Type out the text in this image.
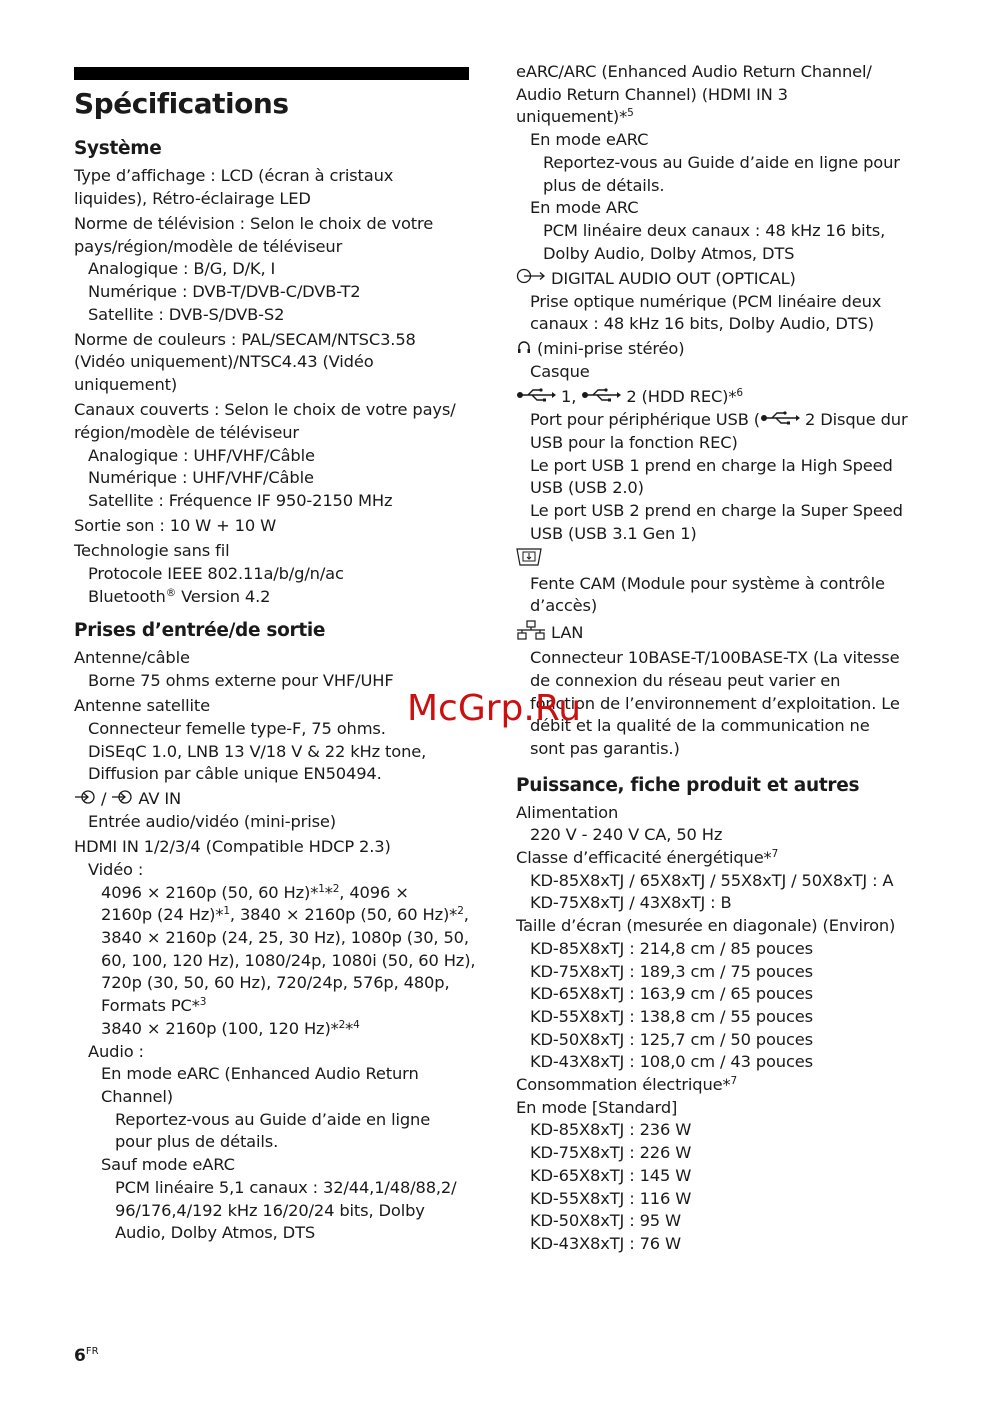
Spécifications
Système
Type d’affichage : LCD (écran à cristaux
liquides), Rétro-éclairage LED
Norme de télévision : Selon le choix de votre
pays/région/modèle de téléviseur
Analogique : B/G, D/K, I
Numérique : DVB-T/DVB-C/DVB-T2
Satellite : DVB-S/DVB-S2
Norme de couleurs : PAL/SECAM/NTSC3.58
(Vidéo uniquement)/NTSC4.43 (Vidéo
uniquement)
Canaux couverts : Selon le choix de votre pays/
région/modèle de téléviseur
Analogique : UHF/VHF/Câble
Numérique : UHF/VHF/Câble
Satellite : Fréquence IF 950-2150 MHz
Sortie son : 10 W + 10 W
Technologie sans fil
Protocole IEEE 802.11a/b/g/n/ac
Bluetooth® Version 4.2
Prises d’entrée/de sortie
Antenne/câble
Borne 75 ohms externe pour VHF/UHF
Antenne satellite
Connecteur femelle type-F, 75 ohms.
DiSEqC 1.0, LNB 13 V/18 V & 22 kHz tone,
Diffusion par câble unique EN50494.
/  AV IN
Entrée audio/vidéo (mini-prise)
HDMI IN 1/2/3/4 (Compatible HDCP 2.3)
Vidéo :
4096 × 2160p (50, 60 Hz)*$^1$*$^2$, 4096 ×
2160p (24 Hz)*$^1$, 3840 × 2160p (50, 60 Hz)*$^2$,
3840 × 2160p (24, 25, 30 Hz), 1080p (30, 50,
60, 100, 120 Hz), 1080/24p, 1080i (50, 60 Hz),
720p (30, 50, 60 Hz), 720/24p, 576p, 480p,
Formats PC*$^3$
3840 × 2160p (100, 120 Hz)*$^2$*$^4$
Audio :
En mode eARC (Enhanced Audio Return
Channel)
Reportez-vous au Guide d’aide en ligne
pour plus de détails.
Sauf mode eARC
PCM linéaire 5,1 canaux : 32/44,1/48/88,2/
96/176,4/192 kHz 16/20/24 bits, Dolby
Audio, Dolby Atmos, DTS
eARC/ARC (Enhanced Audio Return Channel/
Audio Return Channel) (HDMI IN 3
uniquement)*$^5$
En mode eARC
Reportez-vous au Guide d’aide en ligne pour
plus de détails.
En mode ARC
PCM linéaire deux canaux : 48 kHz 16 bits,
Dolby Audio, Dolby Atmos, DTS
DIGITAL AUDIO OUT (OPTICAL)
Prise optique numérique (PCM linéaire deux
canaux : 48 kHz 16 bits, Dolby Audio, DTS)
(mini-prise stéréo)
Casque
1,  2 (HDD REC)*$^6$
Port pour périphérique USB ( 2 Disque dur
USB pour la fonction REC)
Le port USB 1 prend en charge la High Speed
USB (USB 2.0)
Le port USB 2 prend en charge la Super Speed
USB (USB 3.1 Gen 1)
Fente CAM (Module pour système à contrôle
d’accès)
LAN
Connecteur 10BASE-T/100BASE-TX (La vitesse
de connexion du réseau peut varier en
fonction de l’environnement d’exploitation. Le
débit et la qualité de la communication ne
sont pas garantis.)
Puissance, fiche produit et autres
Alimentation
220 V - 240 V CA, 50 Hz
Classe d’efficacité énergétique*$^7$
KD-85X8xTJ / 65X8xTJ / 55X8xTJ / 50X8xTJ : A
KD-75X8xTJ / 43X8xTJ : B
Taille d’écran (mesurée en diagonale) (Environ)
KD-85X8xTJ : 214,8 cm / 85 pouces
KD-75X8xTJ : 189,3 cm / 75 pouces
KD-65X8xTJ : 163,9 cm / 65 pouces
KD-55X8xTJ : 138,8 cm / 55 pouces
KD-50X8xTJ : 125,7 cm / 50 pouces
KD-43X8xTJ : 108,0 cm / 43 pouces
Consommation électrique*$^7$
En mode [Standard]
KD-85X8xTJ : 236 W
KD-75X8xTJ : 226 W
KD-65X8xTJ : 145 W
KD-55X8xTJ : 116 W
KD-50X8xTJ : 95 W
KD-43X8xTJ : 76 W
McGrp.Ru
$6^{FR}$
